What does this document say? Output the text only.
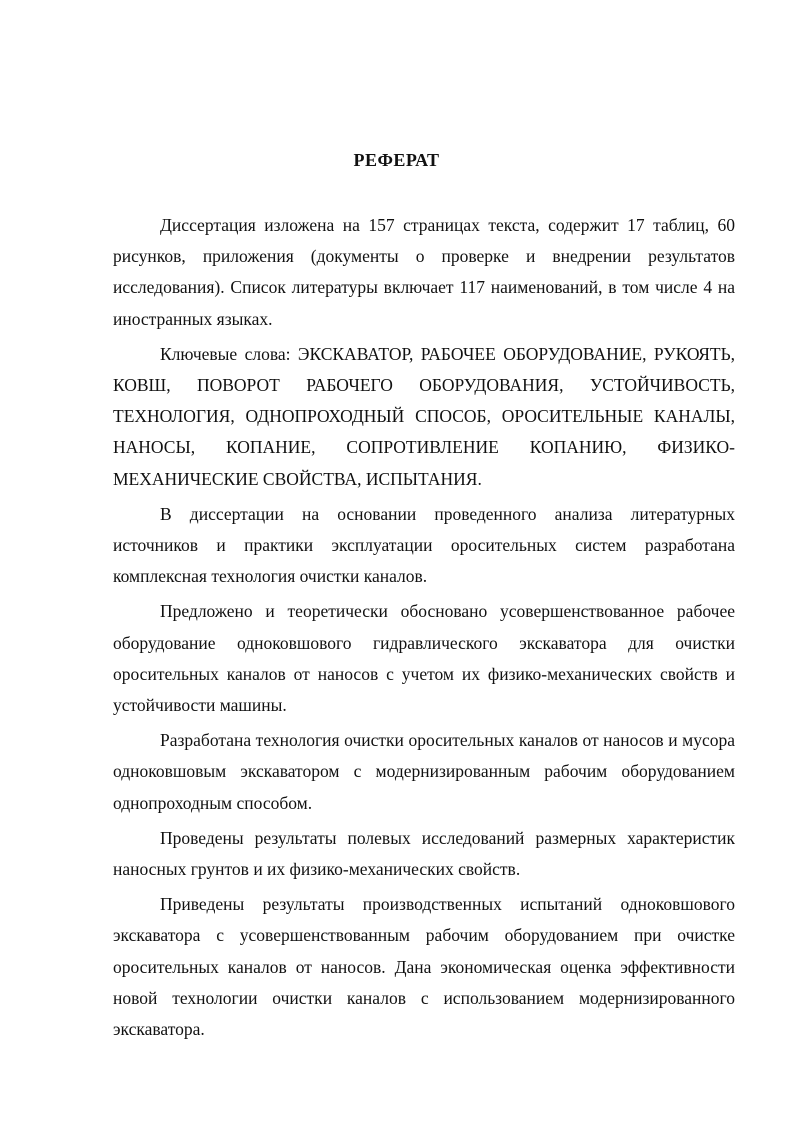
РЕФЕРАТ

Диссертация изложена на 157 страницах текста, содержит 17 таблиц, 60 рисунков, приложения (документы о проверке и внедрении результатов исследования). Список литературы включает 117 наименований, в том числе 4 на иностранных языках.

Ключевые слова: ЭКСКАВАТОР, РАБОЧЕЕ ОБОРУДОВАНИЕ, РУКОЯТЬ, КОВШ, ПОВОРОТ РАБОЧЕГО ОБОРУДОВАНИЯ, УСТОЙЧИВОСТЬ, ТЕХНОЛОГИЯ, ОДНОПРОХОДНЫЙ СПОСОБ, ОРОСИТЕЛЬНЫЕ КАНАЛЫ, НАНОСЫ, КОПАНИЕ, СОПРОТИВЛЕНИЕ КОПАНИЮ, ФИЗИКО-МЕХАНИЧЕСКИЕ СВОЙСТВА, ИСПЫТАНИЯ.

В диссертации на основании проведенного анализа литературных источников и практики эксплуатации оросительных систем разработана комплексная технология очистки каналов.

Предложено и теоретически обосновано усовершенствованное рабочее оборудование одноковшового гидравлического экскаватора для очистки оросительных каналов от наносов с учетом их физико-механических свойств и устойчивости машины.

Разработана технология очистки оросительных каналов от наносов и мусора одноковшовым экскаватором с модернизированным рабочим оборудованием однопроходным способом.

Проведены результаты полевых исследований размерных характеристик наносных грунтов и их физико-механических свойств.

Приведены результаты производственных испытаний одноковшового экскаватора с усовершенствованным рабочим оборудованием при очистке оросительных каналов от наносов. Дана экономическая оценка эффективности новой технологии очистки каналов с использованием модернизированного экскаватора.
